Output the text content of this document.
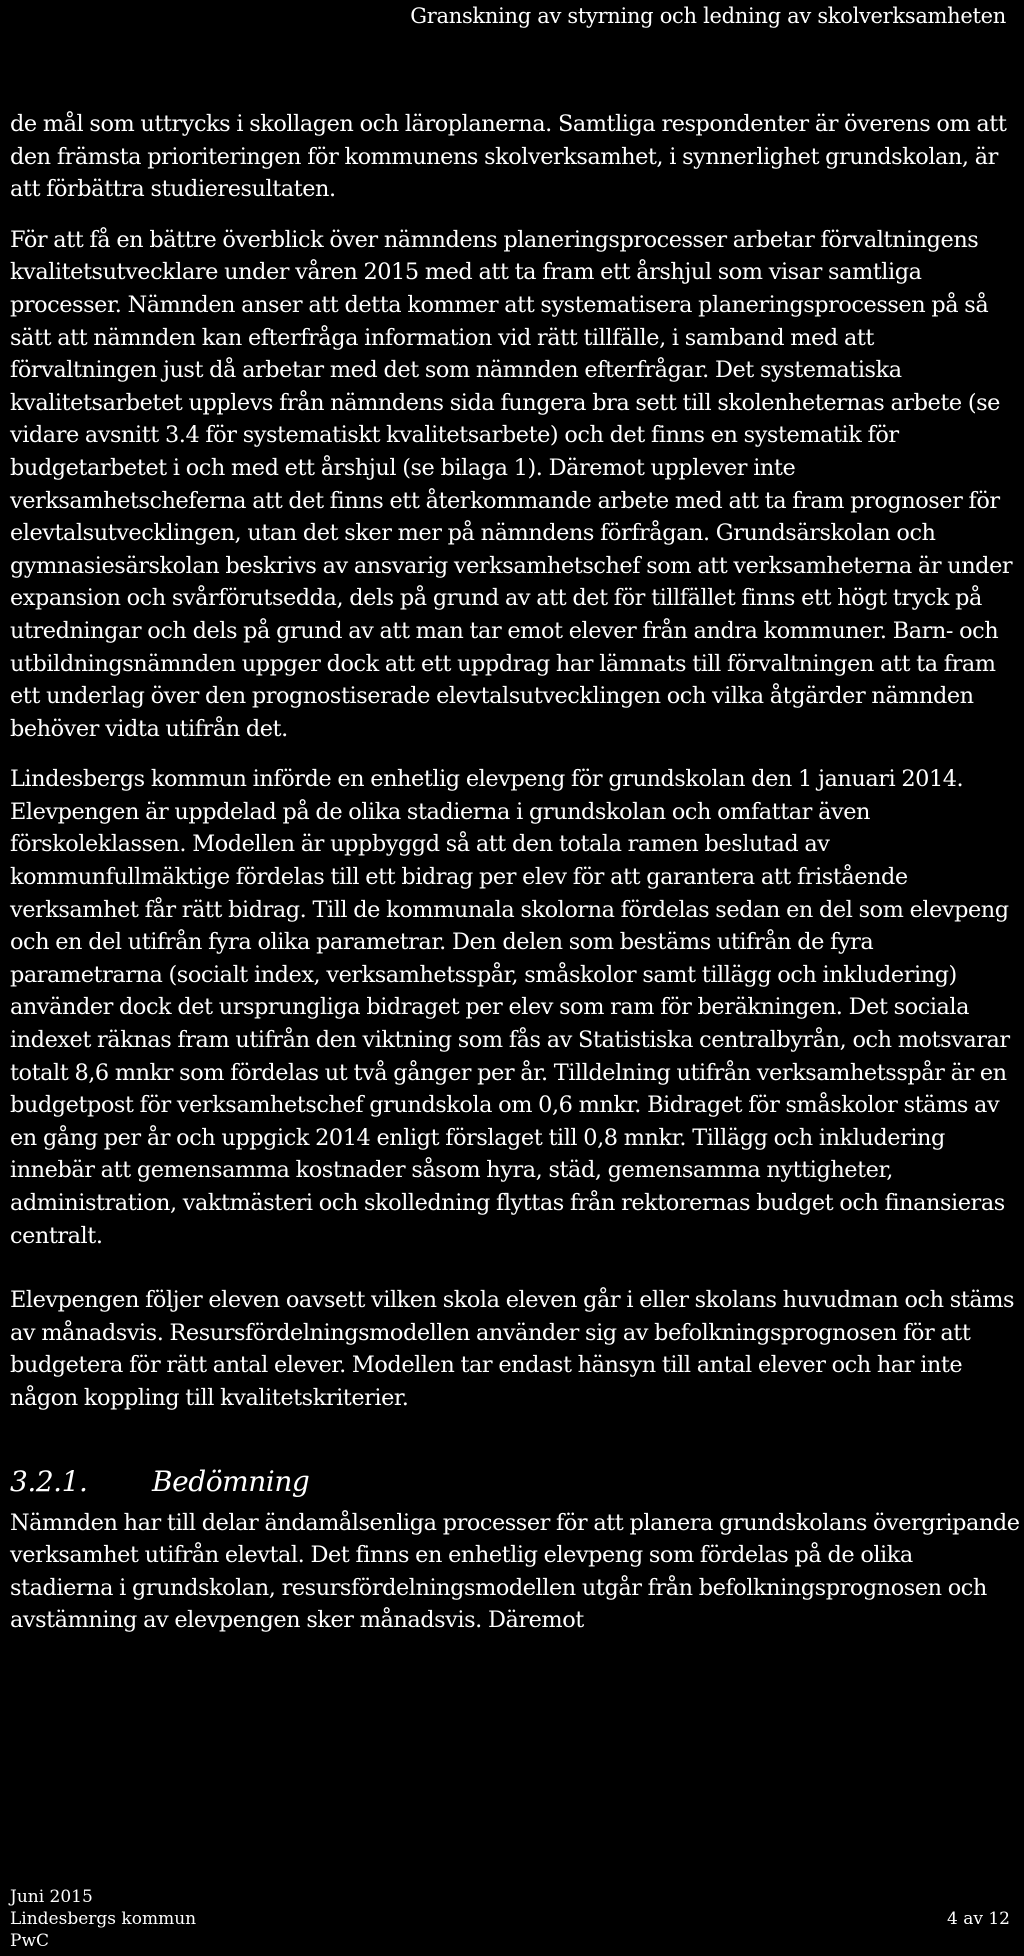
Granskning av styrning och ledning av skolverksamheten

de mål som uttrycks i skollagen och läroplanerna. Samtliga respondenter är överens om att den främsta prioriteringen för kommunens skolverksamhet, i synnerlighet grundskolan, är att förbättra studieresultaten.

För att få en bättre överblick över nämndens planeringsprocesser arbetar förvaltningens kvalitetsutvecklare under våren 2015 med att ta fram ett årshjul som visar samtliga processer. Nämnden anser att detta kommer att systematisera planeringsprocessen på så sätt att nämnden kan efterfråga information vid rätt tillfälle, i samband med att förvaltningen just då arbetar med det som nämnden efterfrågar. Det systematiska kvalitetsarbetet upplevs från nämndens sida fungera bra sett till skolenheternas arbete (se vidare avsnitt 3.4 för systematiskt kvalitetsarbete) och det finns en systematik för budgetarbetet i och med ett årshjul (se bilaga 1). Däremot upplever inte verksamhetscheferna att det finns ett återkommande arbete med att ta fram prognoser för elevtalsutvecklingen, utan det sker mer på nämndens förfrågan. Grundsärskolan och gymnasiesärskolan beskrivs av ansvarig verksamhetschef som att verksamheterna är under expansion och svårförutsedda, dels på grund av att det för tillfället finns ett högt tryck på utredningar och dels på grund av att man tar emot elever från andra kommuner. Barn- och utbildningsnämnden uppger dock att ett uppdrag har lämnats till förvaltningen att ta fram ett underlag över den prognostiserade elevtalsutvecklingen och vilka åtgärder nämnden behöver vidta utifrån det.

Lindesbergs kommun införde en enhetlig elevpeng för grundskolan den 1 januari 2014. Elevpengen är uppdelad på de olika stadierna i grundskolan och omfattar även förskoleklassen. Modellen är uppbyggd så att den totala ramen beslutad av kommunfullmäktige fördelas till ett bidrag per elev för att garantera att fristående verksamhet får rätt bidrag. Till de kommunala skolorna fördelas sedan en del som elevpeng och en del utifrån fyra olika parametrar. Den delen som bestäms utifrån de fyra parametrarna (socialt index, verksamhetsspår, småskolor samt tillägg och inkludering) använder dock det ursprungliga bidraget per elev som ram för beräkningen. Det sociala indexet räknas fram utifrån den viktning som fås av Statistiska centralbyrån, och motsvarar totalt 8,6 mnkr som fördelas ut två gånger per år. Tilldelning utifrån verksamhetsspår är en budgetpost för verksamhetschef grundskola om 0,6 mnkr. Bidraget för småskolor stäms av en gång per år och uppgick 2014 enligt förslaget till 0,8 mnkr. Tillägg och inkludering innebär att gemensamma kostnader såsom hyra, städ, gemensamma nyttigheter, administration, vaktmästeri och skolledning flyttas från rektorernas budget och finansieras centralt.

Elevpengen följer eleven oavsett vilken skola eleven går i eller skolans huvudman och stäms av månadsvis. Resursfördelningsmodellen använder sig av befolkningsprognosen för att budgetera för rätt antal elever. Modellen tar endast hänsyn till antal elever och har inte någon koppling till kvalitetskriterier.

3.2.1. Bedömning

Nämnden har till delar ändamålsenliga processer för att planera grundskolans övergripande verksamhet utifrån elevtal. Det finns en enhetlig elevpeng som fördelas på de olika stadierna i grundskolan, resursfördelningsmodellen utgår från befolkningsprognosen och avstämning av elevpengen sker månadsvis. Däremot

Juni 2015
Lindesbergs kommun
PwC
4 av 12
